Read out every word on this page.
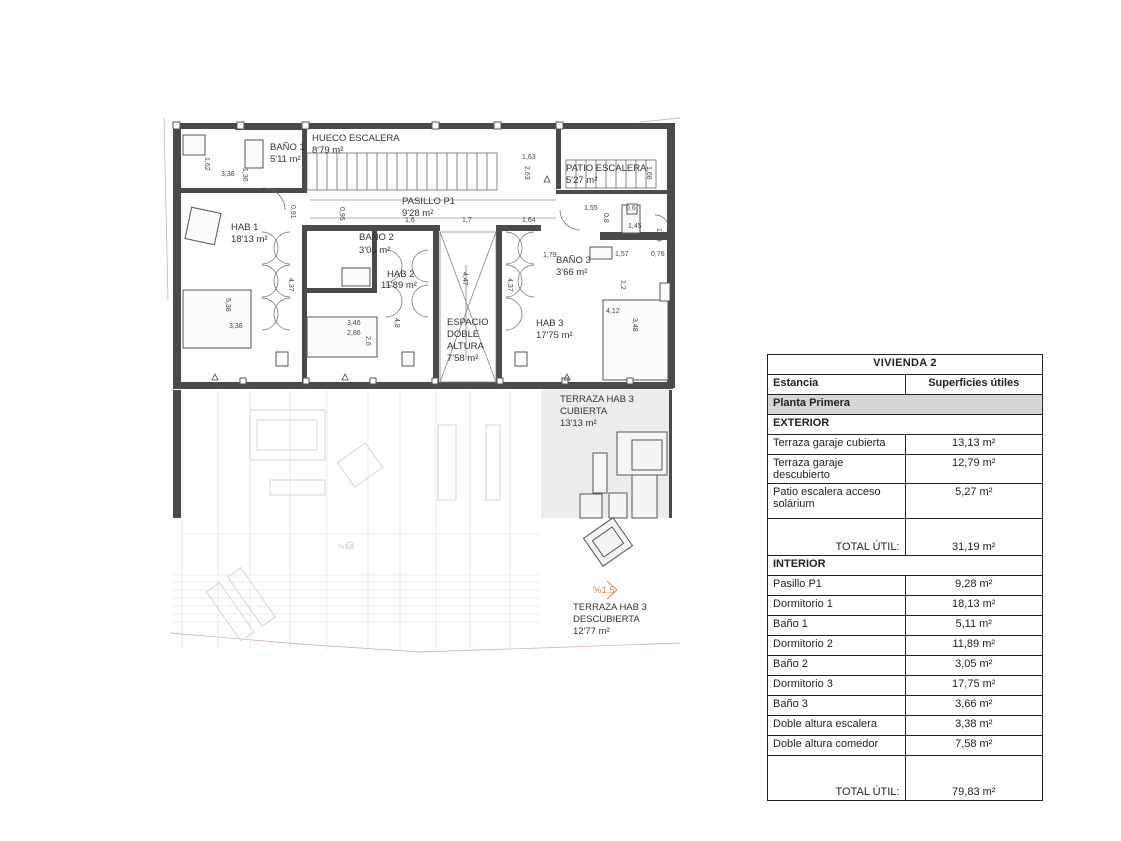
BAÑO 1
5'11 m²
HUECO ESCALERA
8'79 m²
PATIO ESCALERA
5'27 m²
PASILLO P1
9'28 m²
HAB 1
18'13 m²	BAÑO 2
3'05 m²
HAB 2
11'89 m²
ESPACIO
DOBLE
ALTURA
7'58 m²
BAÑO 3
3'66 m²
HAB 3
17'75 m²
TERRAZA HAB 3
CUBIERTA
13'13 m²
TERRAZA HAB 3
DESCUBIERTA
12'77 m²
%1,5
%1,5
1,36
1,62
3,38
0,91	0,95
1,63
2,63	1,68
1,6	1,7	1,64
1,55	0,6
0,8
1,45
1,79
1,79
1,57	0,76
1,2
4,12
3,48
5,38
3,38
4,37	4,47	4,37
3,46
2,86
2,6
4,8
VIVIENDA 2	
Estancia	Superficies útiles
Planta Primera	
EXTERIOR	
Terraza garaje cubierta	13,13 m²
Terraza garaje descubierto	12,79 m²
Patio escalera acceso solárium	5,27 m²
TOTAL ÚTIL:	31,19 m²
INTERIOR	
Pasillo P1	9,28 m²
Dormitorio 1	18,13 m²
Baño 1	5,11 m²
Dormitorio 2	11,89 m²
Baño 2	3,05 m²
Dormitorio 3	17,75 m²
Baño 3	3,66 m²
Doble altura escalera	3,38 m²
Doble altura comedor	7,58 m²
TOTAL ÚTIL:	79,83 m²
